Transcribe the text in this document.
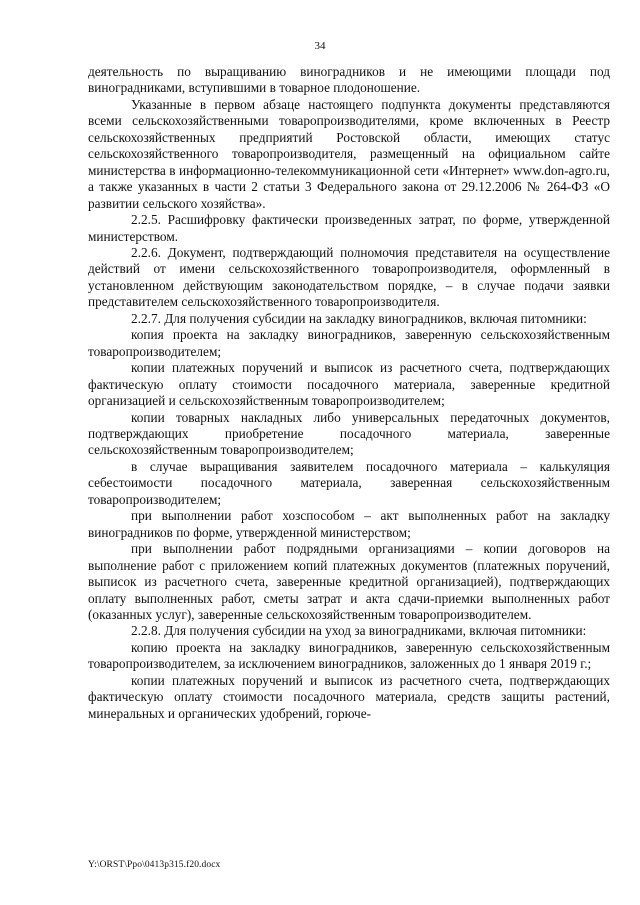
34

деятельность по выращиванию виноградников и не имеющими площади под виноградниками, вступившими в товарное плодоношение.

Указанные в первом абзаце настоящего подпункта документы представляются всеми сельскохозяйственными товаропроизводителями, кроме включенных в Реестр сельскохозяйственных предприятий Ростовской области, имеющих статус сельскохозяйственного товаропроизводителя, размещенный на официальном сайте министерства в информационно-телекоммуникационной сети «Интернет» www.don-agro.ru, а также указанных в части 2 статьи 3 Федерального закона от 29.12.2006 № 264-ФЗ «О развитии сельского хозяйства».

2.2.5. Расшифровку фактически произведенных затрат, по форме, утвержденной министерством.

2.2.6. Документ, подтверждающий полномочия представителя на осуществление действий от имени сельскохозяйственного товаропроизводителя, оформленный в установленном действующим законодательством порядке, – в случае подачи заявки представителем сельскохозяйственного товаропроизводителя.

2.2.7. Для получения субсидии на закладку виноградников, включая питомники:

копия проекта на закладку виноградников, заверенную сельскохозяйственным товаропроизводителем;

копии платежных поручений и выписок из расчетного счета, подтверждающих фактическую оплату стоимости посадочного материала, заверенные кредитной организацией и сельскохозяйственным товаропроизводителем;

копии товарных накладных либо универсальных передаточных документов, подтверждающих приобретение посадочного материала, заверенные сельскохозяйственным товаропроизводителем;

в случае выращивания заявителем посадочного материала – калькуляция себестоимости посадочного материала, заверенная сельскохозяйственным товаропроизводителем;

при выполнении работ хозспособом – акт выполненных работ на закладку виноградников по форме, утвержденной министерством;

при выполнении работ подрядными организациями – копии договоров на выполнение работ с приложением копий платежных документов (платежных поручений, выписок из расчетного счета, заверенные кредитной организацией), подтверждающих оплату выполненных работ, сметы затрат и акта сдачи-приемки выполненных работ (оказанных услуг), заверенные сельскохозяйственным товаропроизводителем.

2.2.8. Для получения субсидии на уход за виноградниками, включая питомники:

копию проекта на закладку виноградников, заверенную сельскохозяйственным товаропроизводителем, за исключением виноградников, заложенных до 1 января 2019 г.;

копии платежных поручений и выписок из расчетного счета, подтверждающих фактическую оплату стоимости посадочного материала, средств защиты растений, минеральных и органических удобрений, горюче-

Y:\ORST\Ppo\0413p315.f20.docx
